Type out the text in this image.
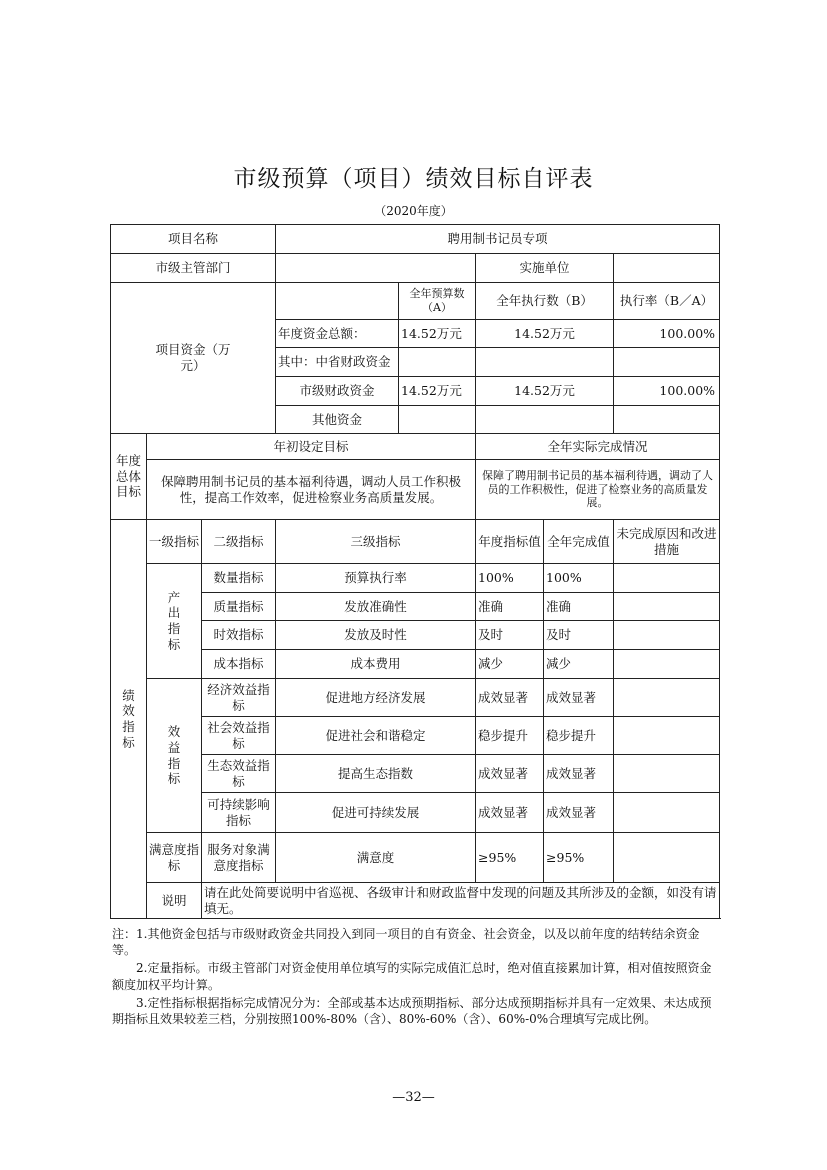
市级预算（项目）绩效目标自评表
（2020年度）
项目名称			聘用制书记员专项				
市级主管部门					实施单位		
项目资金（万元）				全年预算数（A）	全年执行数（B）		执行率（B／A）
			年度资金总额：	14.52万元	14.52万元		100.00%
			其中：中省财政资金				
			市级财政资金	14.52万元	14.52万元		100.00%
			其他资金				
年度总体目标	年初设定目标				全年实际完成情况		
	保障聘用制书记员的基本福利待遇，调动人员工作积极性，提高工作效率，促进检察业务高质量发展。				保障了聘用制书记员的基本福利待遇，调动了人员的工作积极性，促进了检察业务的高质量发展。		
绩效指标	一级指标	二级指标	三级指标		年度指标值	全年完成值	未完成原因和改进措施
	产出指标	数量指标	预算执行率		100%	100%	
		质量指标	发放准确性		准确	准确	
		时效指标	发放及时性		及时	及时	
		成本指标	成本费用		减少	减少	
	效益指标	经济效益指标	促进地方经济发展		成效显著	成效显著	
		社会效益指标	促进社会和谐稳定		稳步提升	稳步提升	
		生态效益指标	提高生态指数		成效显著	成效显著	
		可持续影响指标	促进可持续发展		成效显著	成效显著	
	满意度指标	服务对象满意度指标	满意度		≥95%	≥95%	
	说明	请在此处简要说明中省巡视、各级审计和财政监督中发现的问题及其所涉及的金额，如没有请填无。					

注：1.其他资金包括与市级财政资金共同投入到同一项目的自有资金、社会资金，以及以前年度的结转结余资金等。

2.定量指标。市级主管部门对资金使用单位填写的实际完成值汇总时，绝对值直接累加计算，相对值按照资金额度加权平均计算。

3.定性指标根据指标完成情况分为：全部或基本达成预期指标、部分达成预期指标并具有一定效果、未达成预期指标且效果较差三档，分别按照100%-80%（含）、80%-60%（含）、60%-0%合理填写完成比例。

—32—
